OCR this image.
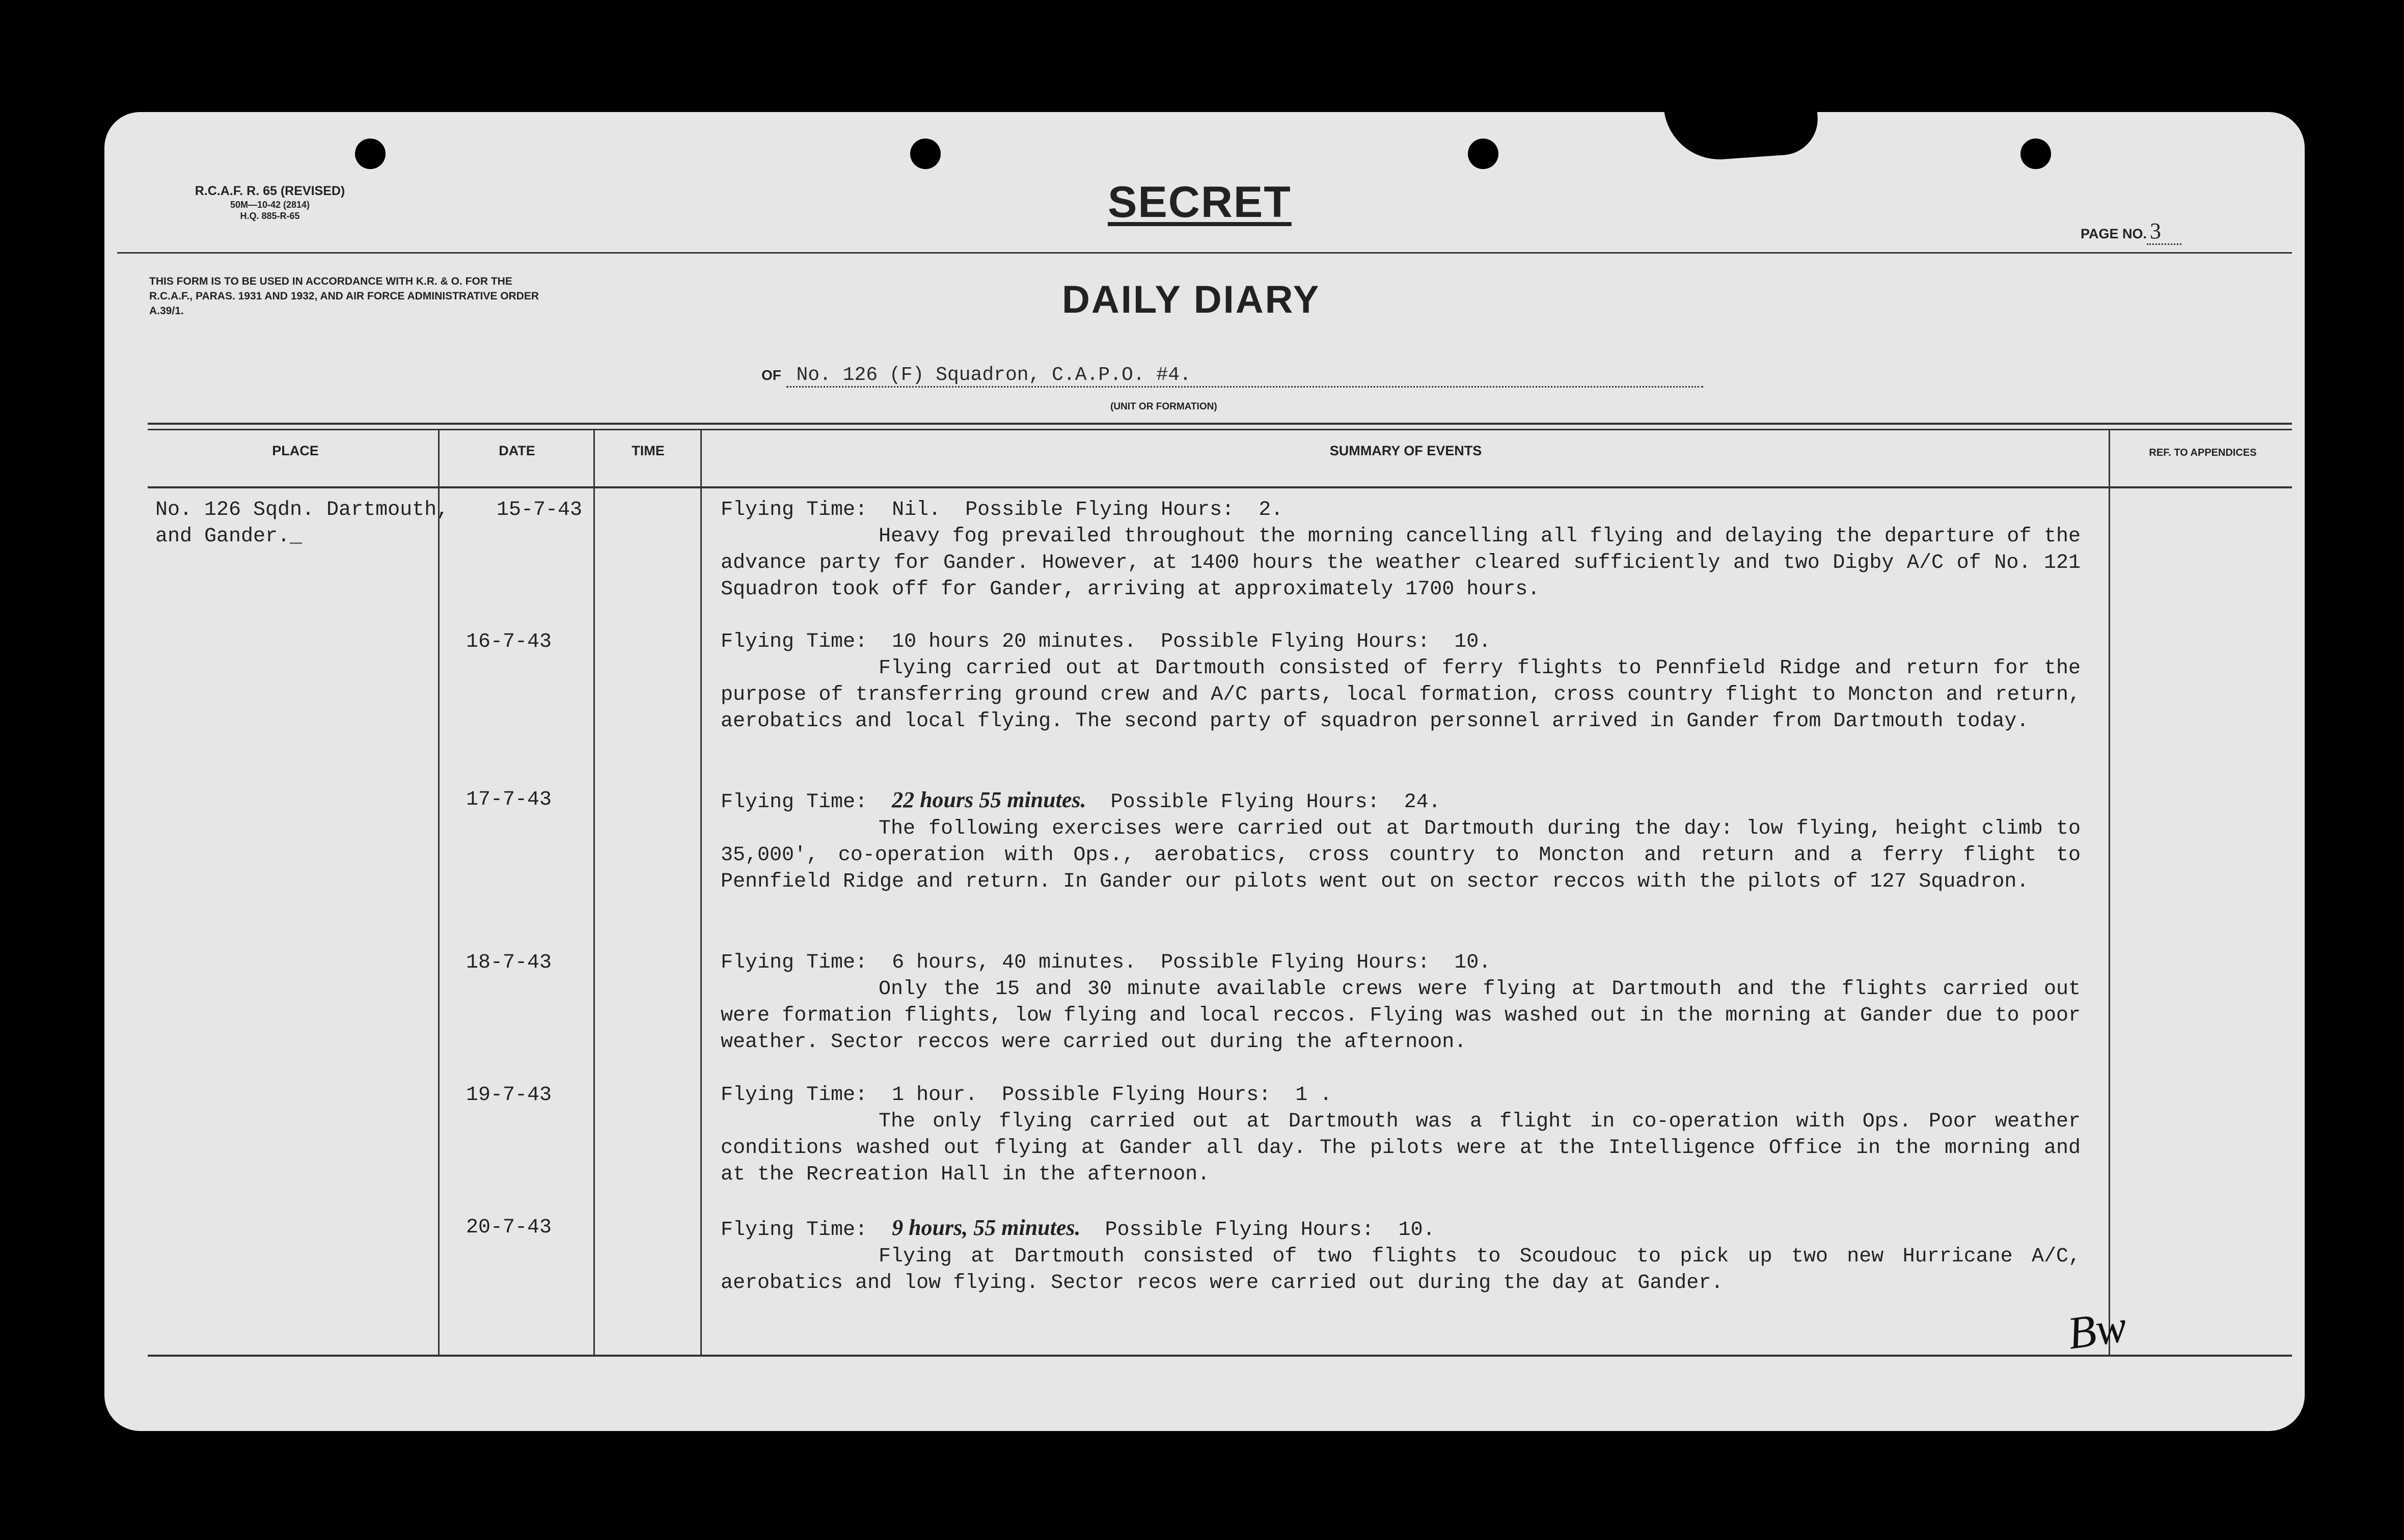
R.C.A.F. R. 65 (REVISED)
50M—10-42 (2814)
H.Q. 885-R-65
THIS FORM IS TO BE USED IN ACCORDANCE WITH K.R. & O. FOR THE R.C.A.F., PARAS. 1931 AND 1932, AND AIR FORCE ADMINISTRATIVE ORDER A.39/1.
SECRET
PAGE NO. 3
DAILY DIARY
OF No. 126 (F) Squadron, C.A.P.O. #4.
(UNIT OR FORMATION)
PLACE	DATE	TIME	SUMMARY OF EVENTS	REF. TO APPENDICES
No. 126 Sqdn. Dartmouth,
and Gander._
15-7-43	Flying Time: Nil. Possible Flying Hours: 2.
Heavy fog prevailed throughout the morning cancelling all flying and delaying the departure of the advance party for Gander. However, at 1400 hours the weather cleared sufficiently and two Digby A/C of No. 121 Squadron took off for Gander, arriving at approximately 1700 hours.
16-7-43	Flying Time: 10 hours 20 minutes. Possible Flying Hours: 10.
Flying carried out at Dartmouth consisted of ferry flights to Pennfield Ridge and return for the purpose of transferring ground crew and A/C parts, local formation, cross country flight to Moncton and return, aerobatics and local flying. The second party of squadron personnel arrived in Gander from Dartmouth today.
17-7-43	Flying Time: 22 hours 55 minutes. Possible Flying Hours: 24.
The following exercises were carried out at Dartmouth during the day: low flying, height climb to 35,000', co-operation with Ops., aerobatics, cross country to Moncton and return and a ferry flight to Pennfield Ridge and return. In Gander our pilots went out on sector reccos with the pilots of 127 Squadron.
18-7-43	Flying Time: 6 hours, 40 minutes. Possible Flying Hours: 10.
Only the 15 and 30 minute available crews were flying at Dartmouth and the flights carried out were formation flights, low flying and local reccos. Flying was washed out in the morning at Gander due to poor weather. Sector reccos were carried out during the afternoon.
19-7-43	Flying Time: 1 hour. Possible Flying Hours: 1 .
The only flying carried out at Dartmouth was a flight in co-operation with Ops. Poor weather conditions washed out flying at Gander all day. The pilots were at the Intelligence Office in the morning and at the Recreation Hall in the afternoon.
20-7-43	Flying Time: 9 hours, 55 minutes. Possible Flying Hours: 10.
Flying at Dartmouth consisted of two flights to Scoudouc to pick up two new Hurricane A/C, aerobatics and low flying. Sector recos were carried out during the day at Gander.
Bw
